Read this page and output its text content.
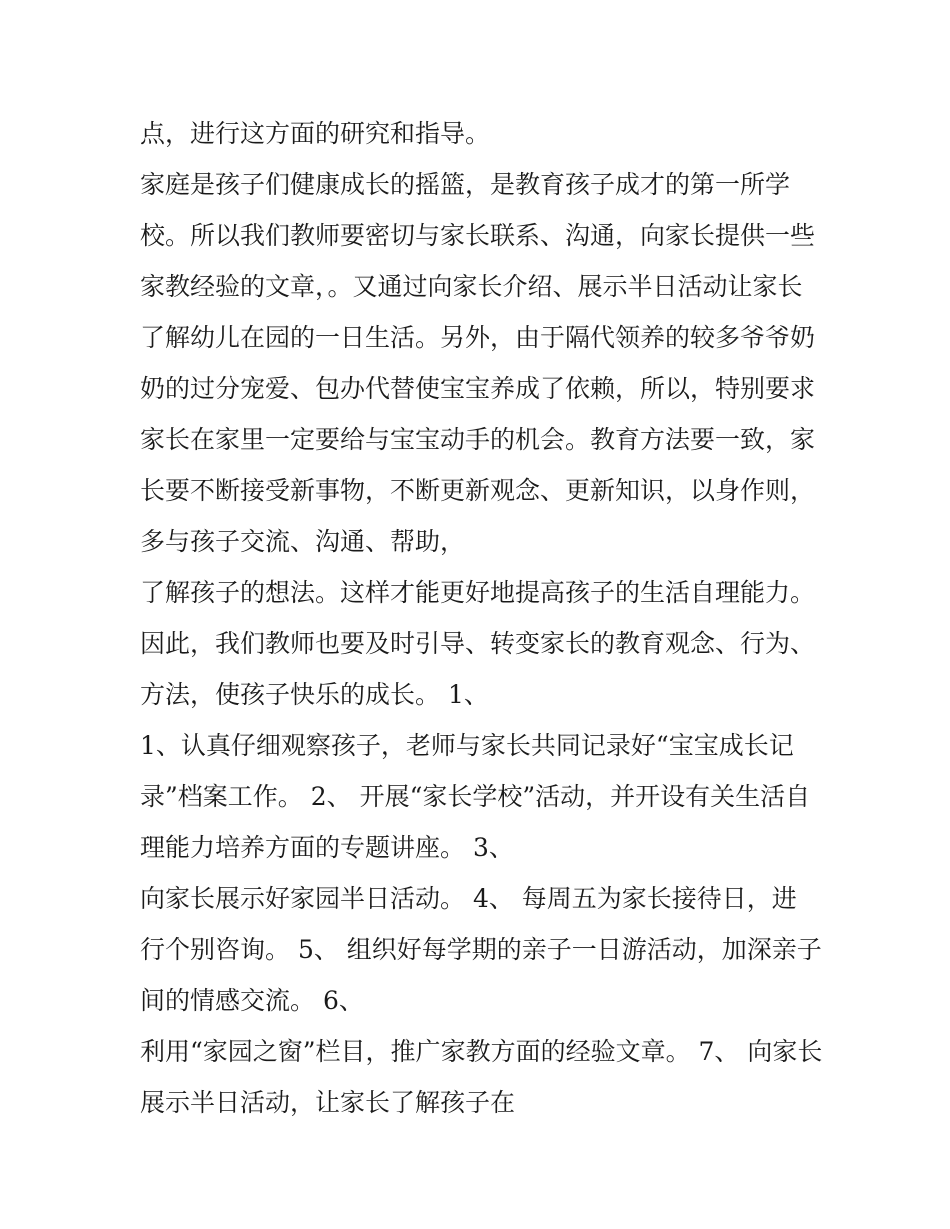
点，进行这方面的研究和指导。
家庭是孩子们健康成长的摇篮，是教育孩子成才的第一所学
校。所以我们教师要密切与家长联系、沟通，向家长提供一些
家教经验的文章，。又通过向家长介绍、展示半日活动让家长
了解幼儿在园的一日生活。另外，由于隔代领养的较多爷爷奶
奶的过分宠爱、包办代替使宝宝养成了依赖，所以，特别要求
家长在家里一定要给与宝宝动手的机会。教育方法要一致，家
长要不断接受新事物，不断更新观念、更新知识，以身作则，
多与孩子交流、沟通、帮助，
了解孩子的想法。这样才能更好地提高孩子的生活自理能力。
因此，我们教师也要及时引导、转变家长的教育观念、行为、
方法，使孩子快乐的成长。 1、
1、认真仔细观察孩子，老师与家长共同记录好“宝宝成长记
录”档案工作。 2、 开展“家长学校”活动，并开设有关生活自
理能力培养方面的专题讲座。 3、
向家长展示好家园半日活动。 4、 每周五为家长接待日，进
行个别咨询。 5、 组织好每学期的亲子一日游活动，加深亲子
间的情感交流。 6、
利用“家园之窗”栏目，推广家教方面的经验文章。 7、 向家长
展示半日活动，让家长了解孩子在
